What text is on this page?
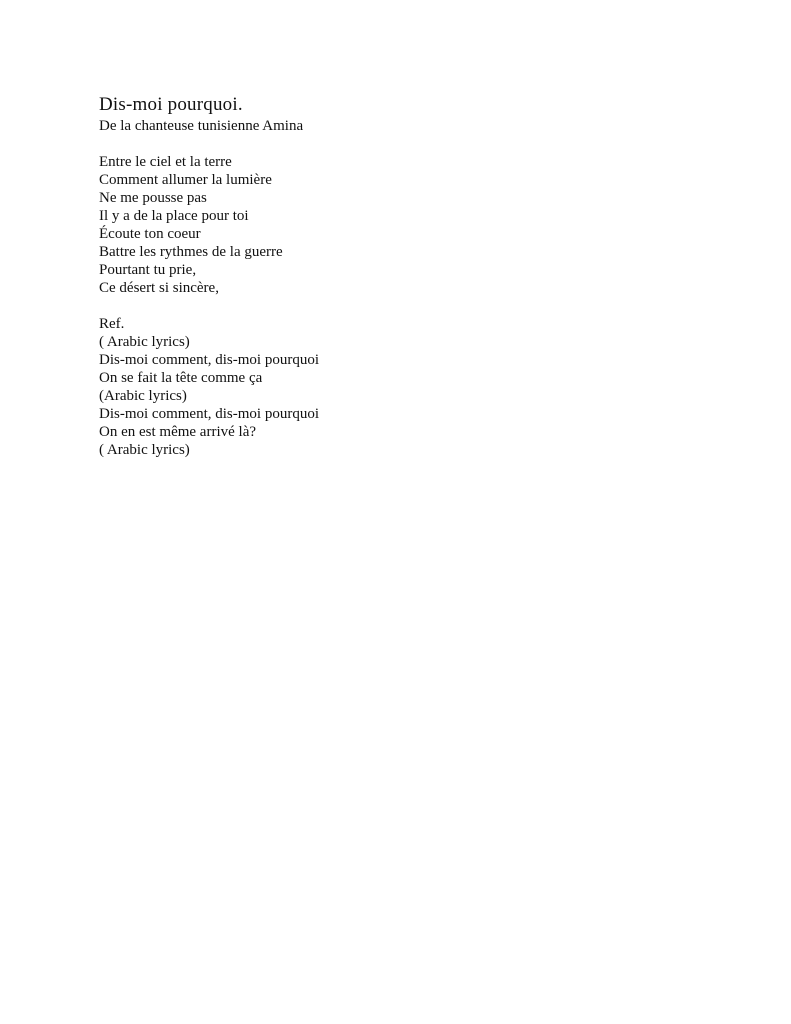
Dis-moi pourquoi.

De la chanteuse tunisienne Amina

Entre le ciel et la terre
Comment allumer la lumière
Ne me pousse pas
Il y a de la place pour toi
Écoute ton coeur
Battre les rythmes de la guerre
Pourtant tu prie,
Ce désert si sincère,
Ref.
( Arabic lyrics)
Dis-moi comment, dis-moi pourquoi
On se fait la tête comme ça
(Arabic lyrics)
Dis-moi comment, dis-moi pourquoi
On en est même arrivé là?
( Arabic lyrics)
